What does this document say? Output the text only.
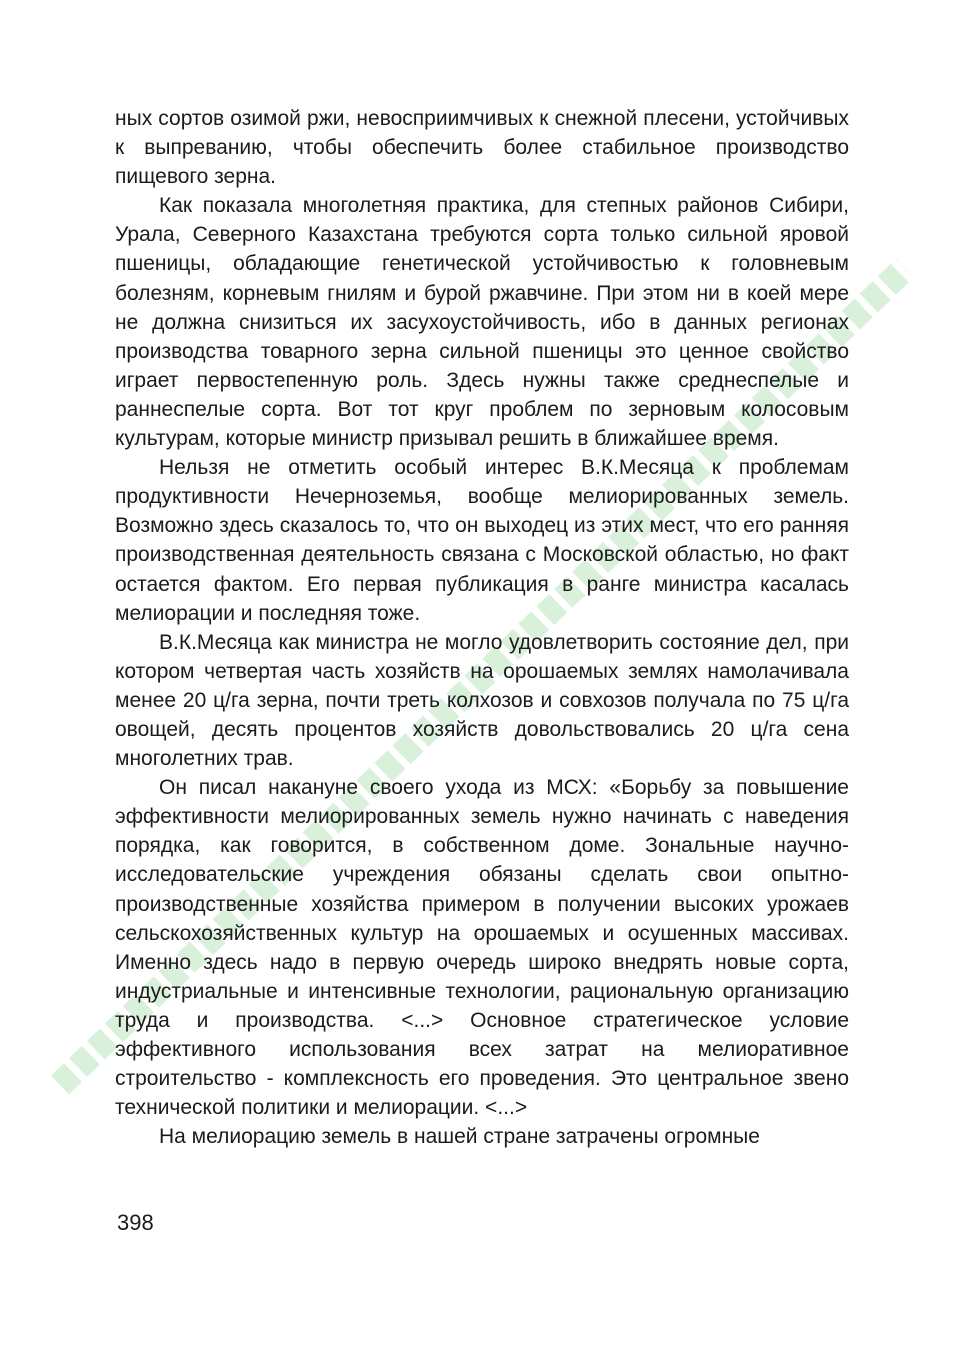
ных сортов озимой ржи, невосприимчивых к снежной плесени, устойчивых к выпреванию, чтобы обеспечить более стабильное производство пищевого зерна.

Как показала многолетняя практика, для степных районов Сибири, Урала, Северного Казахстана требуются сорта только сильной яровой пшеницы, обладающие генетической устойчивостью к головневым болезням, корневым гнилям и бурой ржавчине. При этом ни в коей мере не должна снизиться их засухоустойчивость, ибо в данных регионах производства товарного зерна сильной пшеницы это ценное свойство играет первостепенную роль. Здесь нужны также среднеспелые и раннеспелые сорта. Вот тот круг проблем по зерновым колосовым культурам, которые министр призывал решить в ближайшее время.

Нельзя не отметить особый интерес В.К.Месяца к проблемам продуктивности Нечерноземья, вообще мелиорированных земель. Возможно здесь сказалось то, что он выходец из этих мест, что его ранняя производственная деятельность связана с Московской областью, но факт остается фактом. Его первая публикация в ранге министра касалась мелиорации и последняя тоже.

В.К.Месяца как министра не могло удовлетворить состояние дел, при котором четвертая часть хозяйств на орошаемых землях намолачивала менее 20 ц/га зерна, почти треть колхозов и совхозов получала по 75 ц/га овощей, десять процентов хозяйств довольствовались 20 ц/га сена многолетних трав.

Он писал накануне своего ухода из МСХ: «Борьбу за повышение эффективности мелиорированных земель нужно начинать с наведения порядка, как говорится, в собственном доме. Зональные научно-исследовательские учреждения обязаны сделать свои опытно-производственные хозяйства примером в получении высоких урожаев сельскохозяйственных культур на орошаемых и осушенных массивах. Именно здесь надо в первую очередь широко внедрять новые сорта, индустриальные и интенсивные технологии, рациональную организацию труда и производства. <...> Основное стратегическое условие эффективного использования всех затрат на мелиоративное строительство - комплексность его проведения. Это центральное звено технической политики и мелиорации. <...>

На мелиорацию земель в нашей стране затрачены огромные

398
